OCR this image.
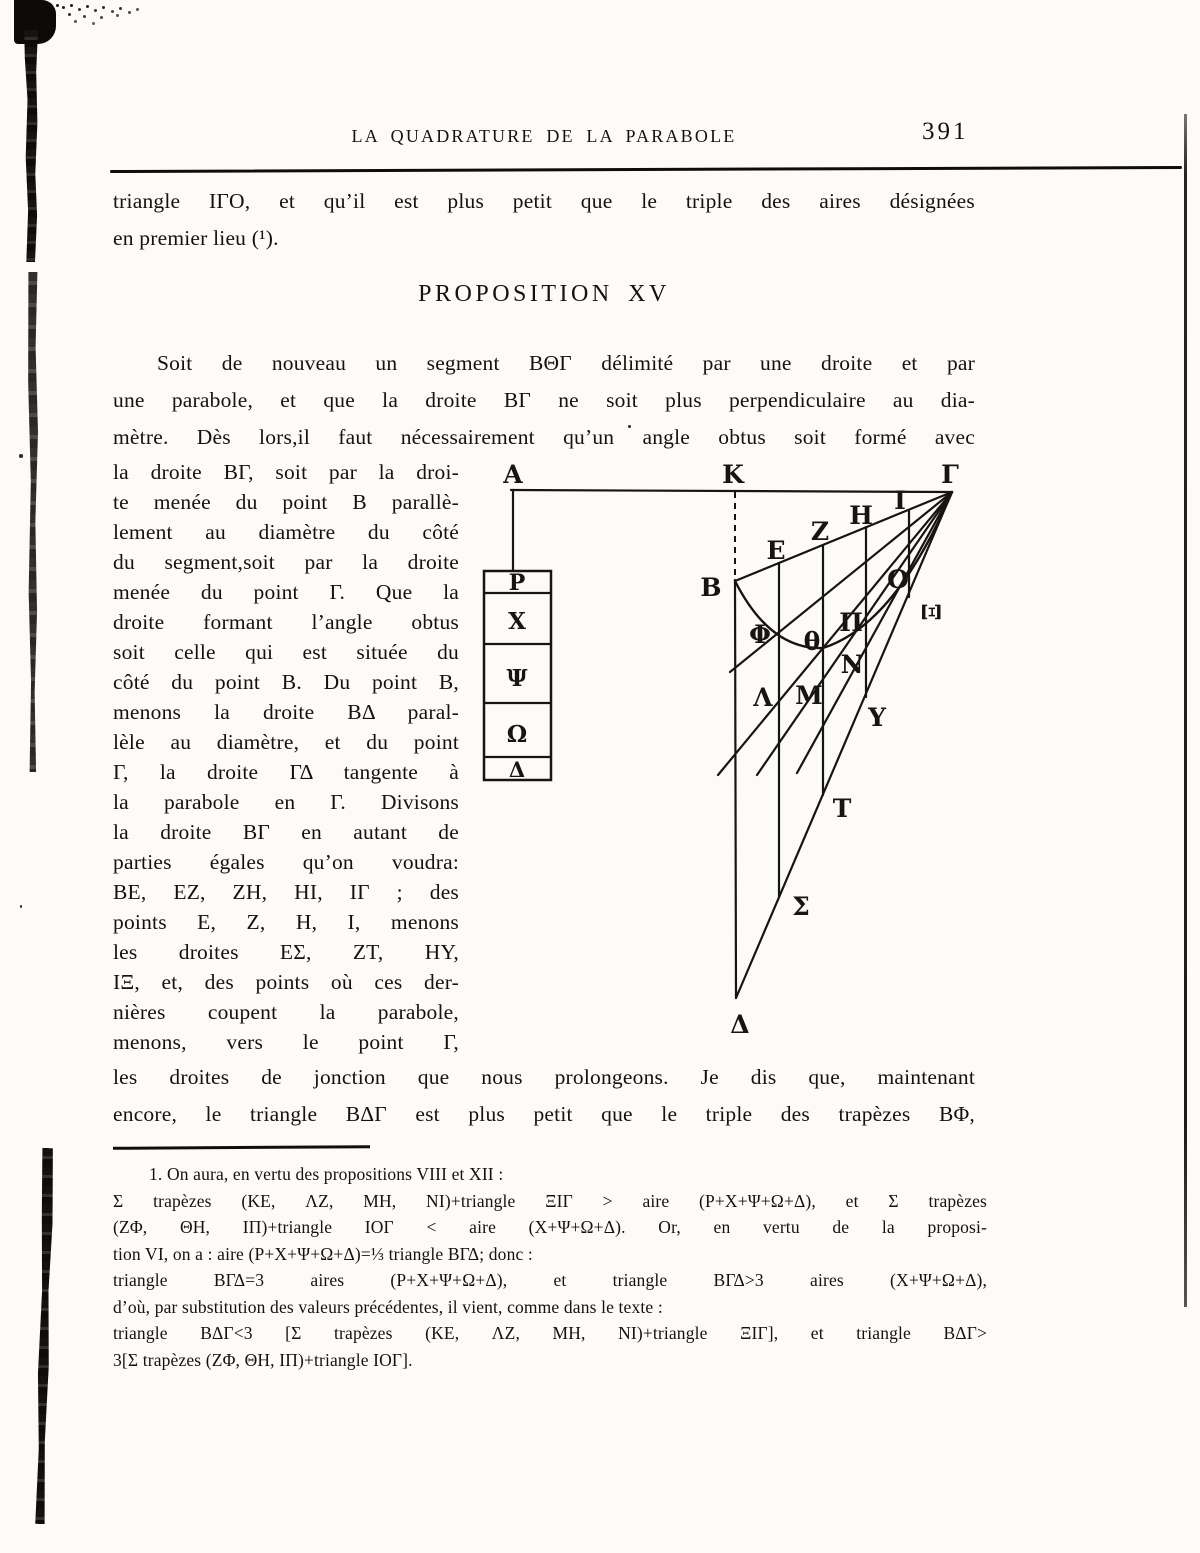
LA QUADRATURE DE LA PARABOLE	391
triangle IΓO, et qu’il est plus petit que le triple des aires désignées
en premier lieu (¹).
PROPOSITION XV
Soit de nouveau un segment BΘΓ délimité par une droite et par
une parabole, et que la droite BΓ ne soit plus perpendiculaire au dia-
mètre. Dès lors,il faut nécessairement qu’un angle obtus soit formé avec
la droite BΓ, soit par la droi-
te menée du point B parallè-
lement au diamètre du côté
du segment,soit par la droite
menée du point Γ. Que la
droite formant l’angle obtus
soit celle qui est située du
côté du point B. Du point B,
menons la droite BΔ paral-
lèle au diamètre, et du point
Γ, la droite ΓΔ tangente à
la parabole en Γ. Divisons
la droite BΓ en autant de
parties égales qu’on voudra:
BE, EZ, ZH, HI, IΓ ; des
points E, Z, H, I, menons
les droites ΕΣ, ZT, HY,
IΞ, et, des points où ces der-
nières coupent la parabole,
menons, vers le point Γ,
A	K	Γ
B
E
Z
H
I
Φ θ
Π
O
Ξ
N
M
Λ
Y
T
Σ
Δ
P
X
Ψ
Ω
Δ
les droites de jonction que nous prolongeons. Je dis que, maintenant
encore, le triangle BΔΓ est plus petit que le triple des trapèzes BΦ,
1. On aura, en vertu des propositions VIII et XII :
Σ trapèzes (KE, ΛZ, MH, NI)+triangle ΞIΓ > aire (P+X+Ψ+Ω+Δ), et Σ trapèzes
(ZΦ, ΘH, IΠ)+triangle IOΓ < aire (X+Ψ+Ω+Δ). Or, en vertu de la proposi-
tion VI, on a : aire (P+X+Ψ+Ω+Δ)=⅓ triangle BΓΔ; donc :
triangle BΓΔ=3 aires (P+X+Ψ+Ω+Δ), et triangle BΓΔ>3 aires (X+Ψ+Ω+Δ),
d’où, par substitution des valeurs précédentes, il vient, comme dans le texte :
triangle BΔΓ<3 [Σ trapèzes (KE, ΛZ, MH, NI)+triangle ΞIΓ], et triangle BΔΓ>
3[Σ trapèzes (ZΦ, ΘH, IΠ)+triangle IOΓ].
